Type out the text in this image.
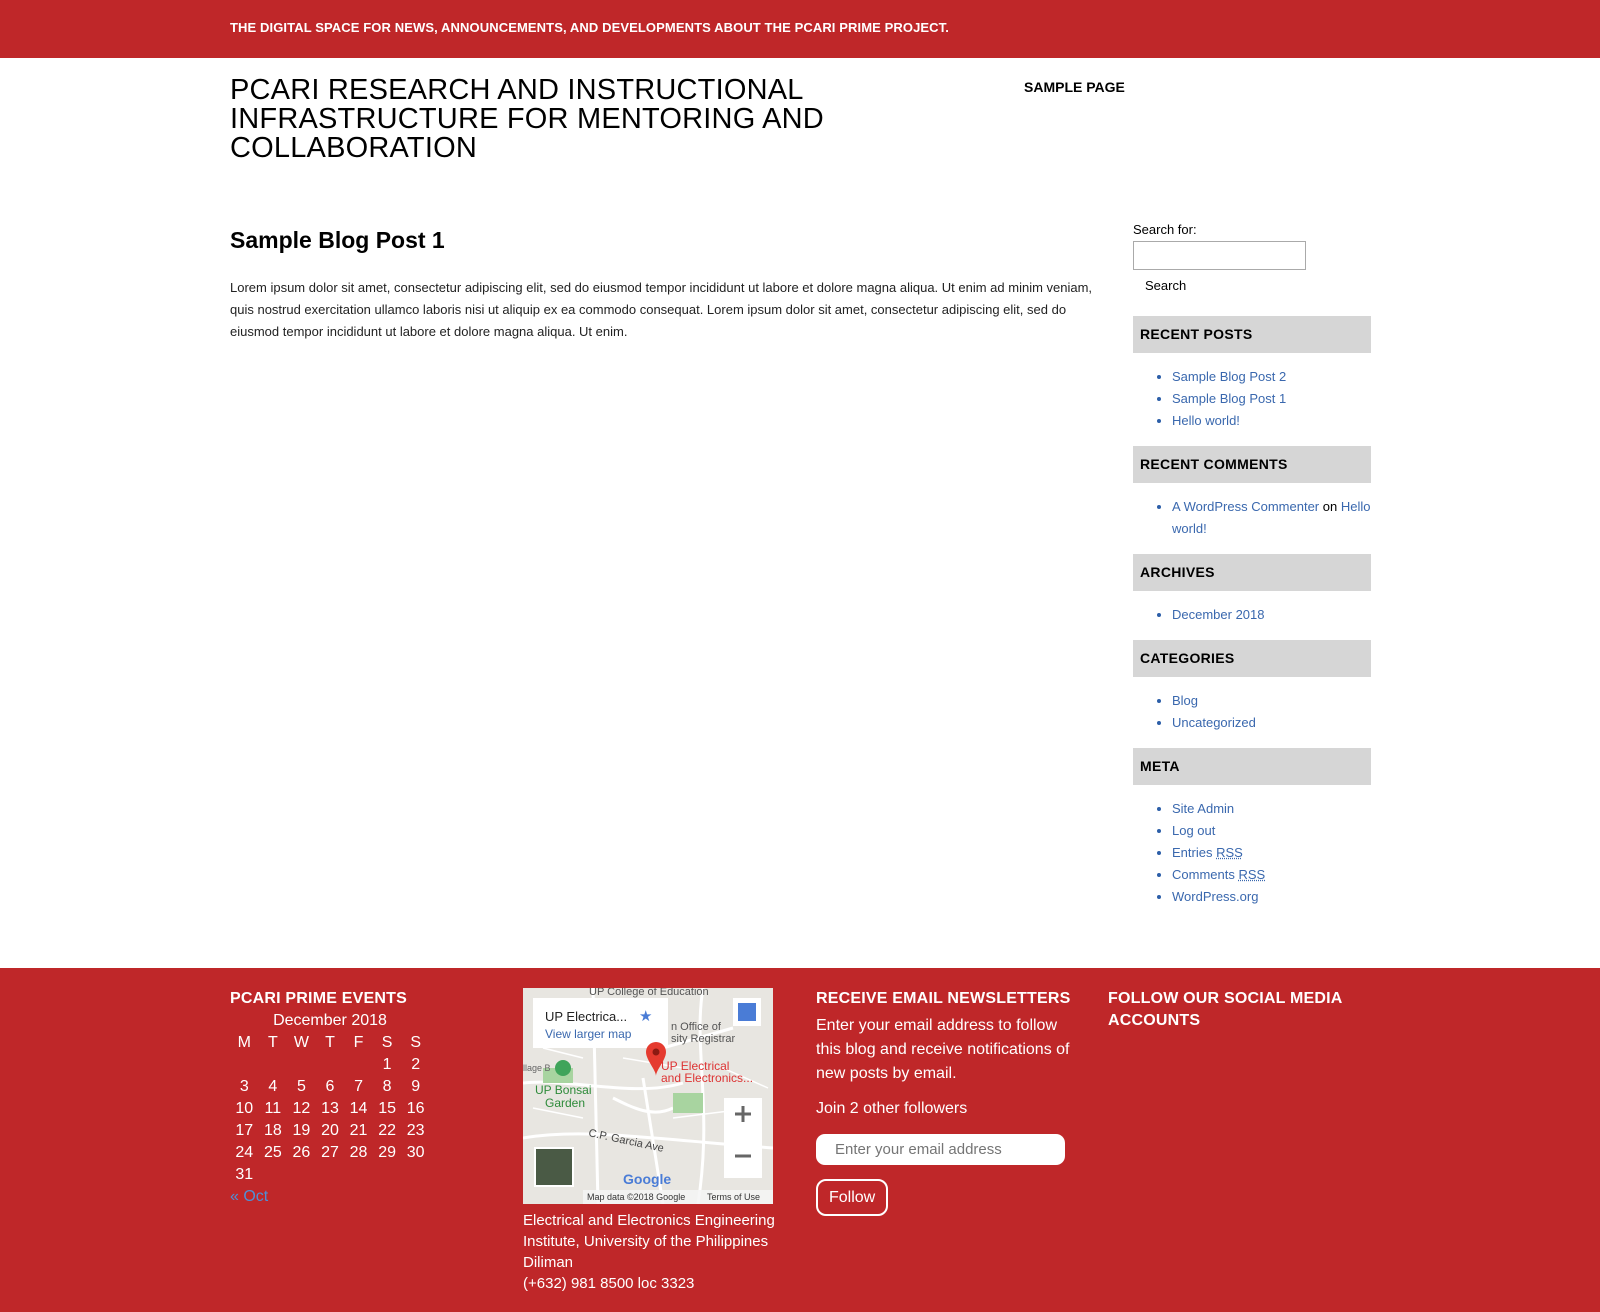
THE DIGITAL SPACE FOR NEWS, ANNOUNCEMENTS, AND DEVELOPMENTS ABOUT THE PCARI PRIME PROJECT.
PCARI RESEARCH AND INSTRUCTIONAL INFRASTRUCTURE FOR MENTORING AND COLLABORATION
SAMPLE PAGE
Sample Blog Post 1

Lorem ipsum dolor sit amet, consectetur adipiscing elit, sed do eiusmod tempor incididunt ut labore et dolore magna aliqua. Ut enim ad minim veniam, quis nostrud exercitation ullamco laboris nisi ut aliquip ex ea commodo consequat. Lorem ipsum dolor sit amet, consectetur adipiscing elit, sed do eiusmod tempor incididunt ut labore et dolore magna aliqua. Ut enim.

Search for:
Search
RECENT POSTS
• Sample Blog Post 2
• Sample Blog Post 1
• Hello world!
RECENT COMMENTS
• A WordPress Commenter on Hello world!
ARCHIVES
• December 2018
CATEGORIES
• Blog
• Uncategorized
META
• Site Admin
• Log out
• Entries RSS
• Comments RSS
• WordPress.org
PCARI PRIME EVENTS
December 2018
M	T	W	T	F	S	S
					1	2
3	4	5	6	7	8	9
10	11	12	13	14	15	16
17	18	19	20	21	22	23
24	25	26	27	28	29	30
31						
« Oct
UP Electrica... ★
View larger map
UP Electrical
and Electronics...
UP Bonsai
Garden
UP College of Education
n Office of
sity Registrar
llage B
C.P. Garcia Ave
Google
Map data ©2018 Google Terms of Use
Electrical and Electronics Engineering Institute, University of the Philippines Diliman
(+632) 981 8500 loc 3323
RECEIVE EMAIL NEWSLETTERS

Enter your email address to follow this blog and receive notifications of new posts by email.

Join 2 other followers

Enter your email address
Follow
FOLLOW OUR SOCIAL MEDIA ACCOUNTS
